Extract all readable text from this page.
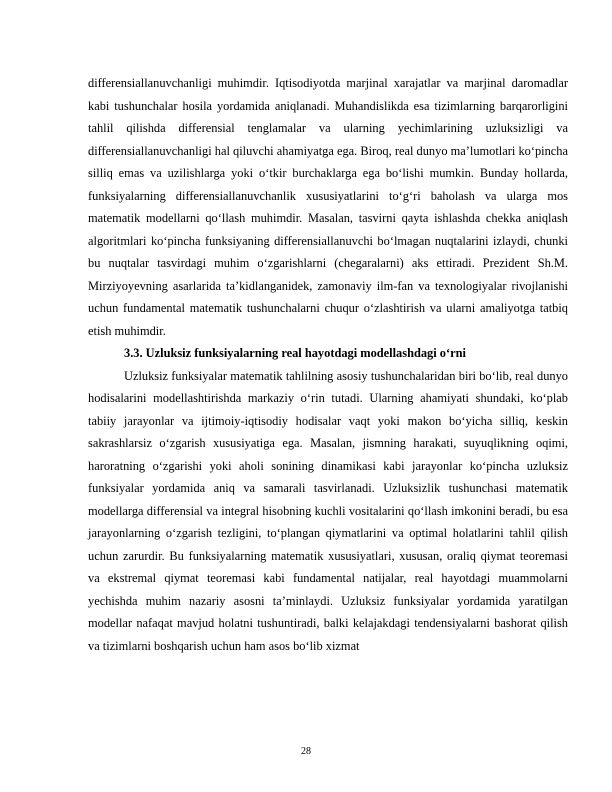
differensiallanuvchanligi muhimdir. Iqtisodiyotda marjinal xarajatlar va marjinal daromadlar kabi tushunchalar hosila yordamida aniqlanadi. Muhandislikda esa tizimlarning barqarorligini tahlil qilishda differensial tenglamalar va ularning yechimlarining uzluksizligi va differensiallanuvchanligi hal qiluvchi ahamiyatga ega. Biroq, real dunyo ma’lumotlari ko‘pincha silliq emas va uzilishlarga yoki o‘tkir burchaklarga ega bo‘lishi mumkin. Bunday hollarda, funksiyalarning differensiallanuvchanlik xususiyatlarini to‘g‘ri baholash va ularga mos matematik modellarni qo‘llash muhimdir. Masalan, tasvirni qayta ishlashda chekka aniqlash algoritmlari ko‘pincha funksiyaning differensiallanuvchi bo‘lmagan nuqtalarini izlaydi, chunki bu nuqtalar tasvirdagi muhim o‘zgarishlarni (chegaralarni) aks ettiradi. Prezident Sh.M. Mirziyoyevning asarlarida ta’kidlanganidek, zamonaviy ilm-fan va texnologiyalar rivojlanishi uchun fundamental matematik tushunchalarni chuqur o‘zlashtirish va ularni amaliyotga tatbiq etish muhimdir.

3.3. Uzluksiz funksiyalarning real hayotdagi modellashdagi o‘rni

Uzluksiz funksiyalar matematik tahlilning asosiy tushunchalaridan biri bo‘lib, real dunyo hodisalarini modellashtirishda markaziy o‘rin tutadi. Ularning ahamiyati shundaki, ko‘plab tabiiy jarayonlar va ijtimoiy-iqtisodiy hodisalar vaqt yoki makon bo‘yicha silliq, keskin sakrashlarsiz o‘zgarish xususiyatiga ega. Masalan, jismning harakati, suyuqlikning oqimi, haroratning o‘zgarishi yoki aholi sonining dinamikasi kabi jarayonlar ko‘pincha uzluksiz funksiyalar yordamida aniq va samarali tasvirlanadi. Uzluksizlik tushunchasi matematik modellarga differensial va integral hisobning kuchli vositalarini qo‘llash imkonini beradi, bu esa jarayonlarning o‘zgarish tezligini, to‘plangan qiymatlarini va optimal holatlarini tahlil qilish uchun zarurdir. Bu funksiyalarning matematik xususiyatlari, xususan, oraliq qiymat teoremasi va ekstremal qiymat teoremasi kabi fundamental natijalar, real hayotdagi muammolarni yechishda muhim nazariy asosni ta’minlaydi. Uzluksiz funksiyalar yordamida yaratilgan modellar nafaqat mavjud holatni tushuntiradi, balki kelajakdagi tendensiyalarni bashorat qilish va tizimlarni boshqarish uchun ham asos bo‘lib xizmat

28
